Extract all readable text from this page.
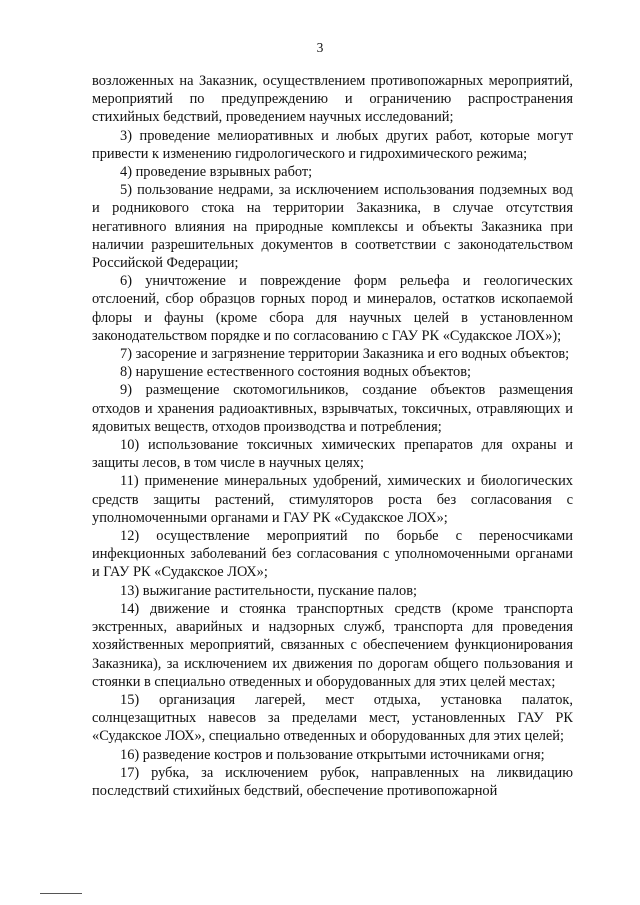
3

возложенных на Заказник, осуществлением противопожарных мероприятий, мероприятий по предупреждению и ограничению распространения стихийных бедствий, проведением научных исследований;

3) проведение мелиоративных и любых других работ, которые могут привести к изменению гидрологического и гидрохимического режима;

4) проведение взрывных работ;

5) пользование недрами, за исключением использования подземных вод и родникового стока на территории Заказника, в случае отсутствия негативного влияния на природные комплексы и объекты Заказника при наличии разрешительных документов в соответствии с законодательством Российской Федерации;

6) уничтожение и повреждение форм рельефа и геологических отслоений, сбор образцов горных пород и минералов, остатков ископаемой флоры и фауны (кроме сбора для научных целей в установленном законодательством порядке и по согласованию с ГАУ РК «Судакское ЛОХ»);

7) засорение и загрязнение территории Заказника и его водных объектов;

8) нарушение естественного состояния водных объектов;

9) размещение скотомогильников, создание объектов размещения отходов и хранения радиоактивных, взрывчатых, токсичных, отравляющих и ядовитых веществ, отходов производства и потребления;

10) использование токсичных химических препаратов для охраны и защиты лесов, в том числе в научных целях;

11) применение минеральных удобрений, химических и биологических средств защиты растений, стимуляторов роста без согласования с уполномоченными органами и ГАУ РК «Судакское ЛОХ»;

12) осуществление мероприятий по борьбе с переносчиками инфекционных заболеваний без согласования с уполномоченными органами и ГАУ РК «Судакское ЛОХ»;

13) выжигание растительности, пускание палов;

14) движение и стоянка транспортных средств (кроме транспорта экстренных, аварийных и надзорных служб, транспорта для проведения хозяйственных мероприятий, связанных с обеспечением функционирования Заказника), за исключением их движения по дорогам общего пользования и стоянки в специально отведенных и оборудованных для этих целей местах;

15) организация лагерей, мест отдыха, установка палаток, солнцезащитных навесов за пределами мест, установленных ГАУ РК «Судакское ЛОХ», специально отведенных и оборудованных для этих целей;

16) разведение костров и пользование открытыми источниками огня;

17) рубка, за исключением рубок, направленных на ликвидацию последствий стихийных бедствий, обеспечение противопожарной
